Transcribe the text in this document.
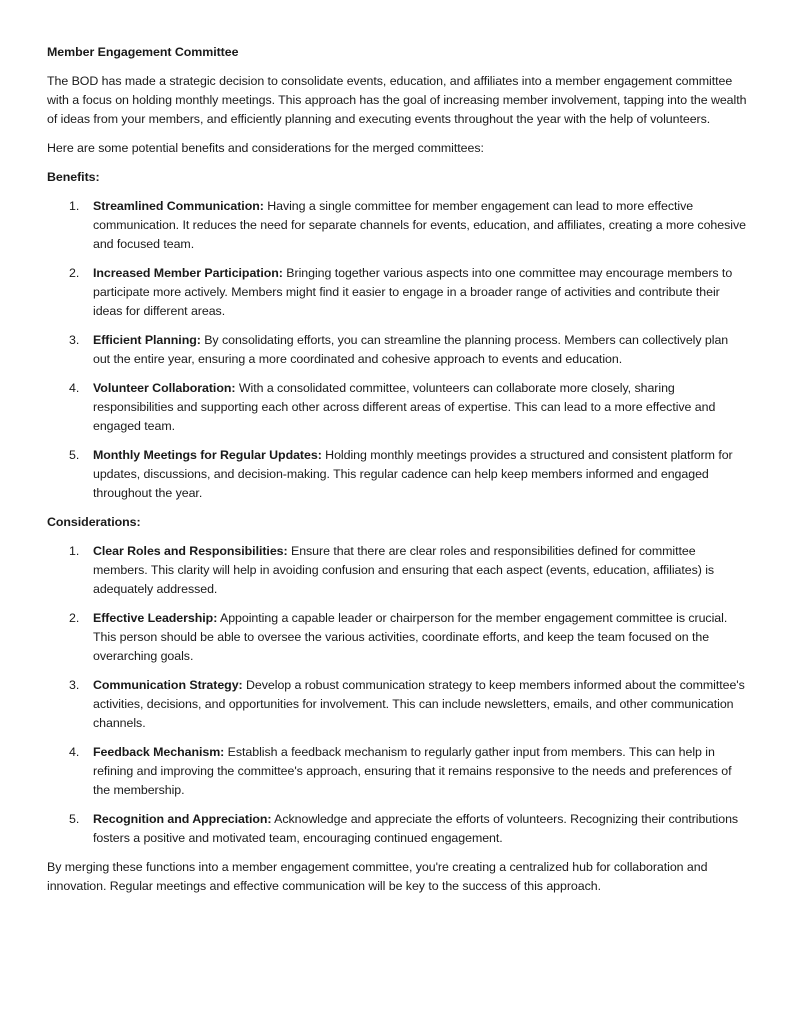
Member Engagement Committee
The BOD has made a strategic decision to consolidate events, education, and affiliates into a member engagement committee with a focus on holding monthly meetings. This approach has the goal of increasing member involvement, tapping into the wealth of ideas from your members, and efficiently planning and executing events throughout the year with the help of volunteers.
Here are some potential benefits and considerations for the merged committees:
Benefits:
1. Streamlined Communication: Having a single committee for member engagement can lead to more effective communication. It reduces the need for separate channels for events, education, and affiliates, creating a more cohesive and focused team.
2. Increased Member Participation: Bringing together various aspects into one committee may encourage members to participate more actively. Members might find it easier to engage in a broader range of activities and contribute their ideas for different areas.
3. Efficient Planning: By consolidating efforts, you can streamline the planning process. Members can collectively plan out the entire year, ensuring a more coordinated and cohesive approach to events and education.
4. Volunteer Collaboration: With a consolidated committee, volunteers can collaborate more closely, sharing responsibilities and supporting each other across different areas of expertise. This can lead to a more effective and engaged team.
5. Monthly Meetings for Regular Updates: Holding monthly meetings provides a structured and consistent platform for updates, discussions, and decision-making. This regular cadence can help keep members informed and engaged throughout the year.
Considerations:
1. Clear Roles and Responsibilities: Ensure that there are clear roles and responsibilities defined for committee members. This clarity will help in avoiding confusion and ensuring that each aspect (events, education, affiliates) is adequately addressed.
2. Effective Leadership: Appointing a capable leader or chairperson for the member engagement committee is crucial. This person should be able to oversee the various activities, coordinate efforts, and keep the team focused on the overarching goals.
3. Communication Strategy: Develop a robust communication strategy to keep members informed about the committee's activities, decisions, and opportunities for involvement. This can include newsletters, emails, and other communication channels.
4. Feedback Mechanism: Establish a feedback mechanism to regularly gather input from members. This can help in refining and improving the committee's approach, ensuring that it remains responsive to the needs and preferences of the membership.
5. Recognition and Appreciation: Acknowledge and appreciate the efforts of volunteers. Recognizing their contributions fosters a positive and motivated team, encouraging continued engagement.
By merging these functions into a member engagement committee, you're creating a centralized hub for collaboration and innovation. Regular meetings and effective communication will be key to the success of this approach.
